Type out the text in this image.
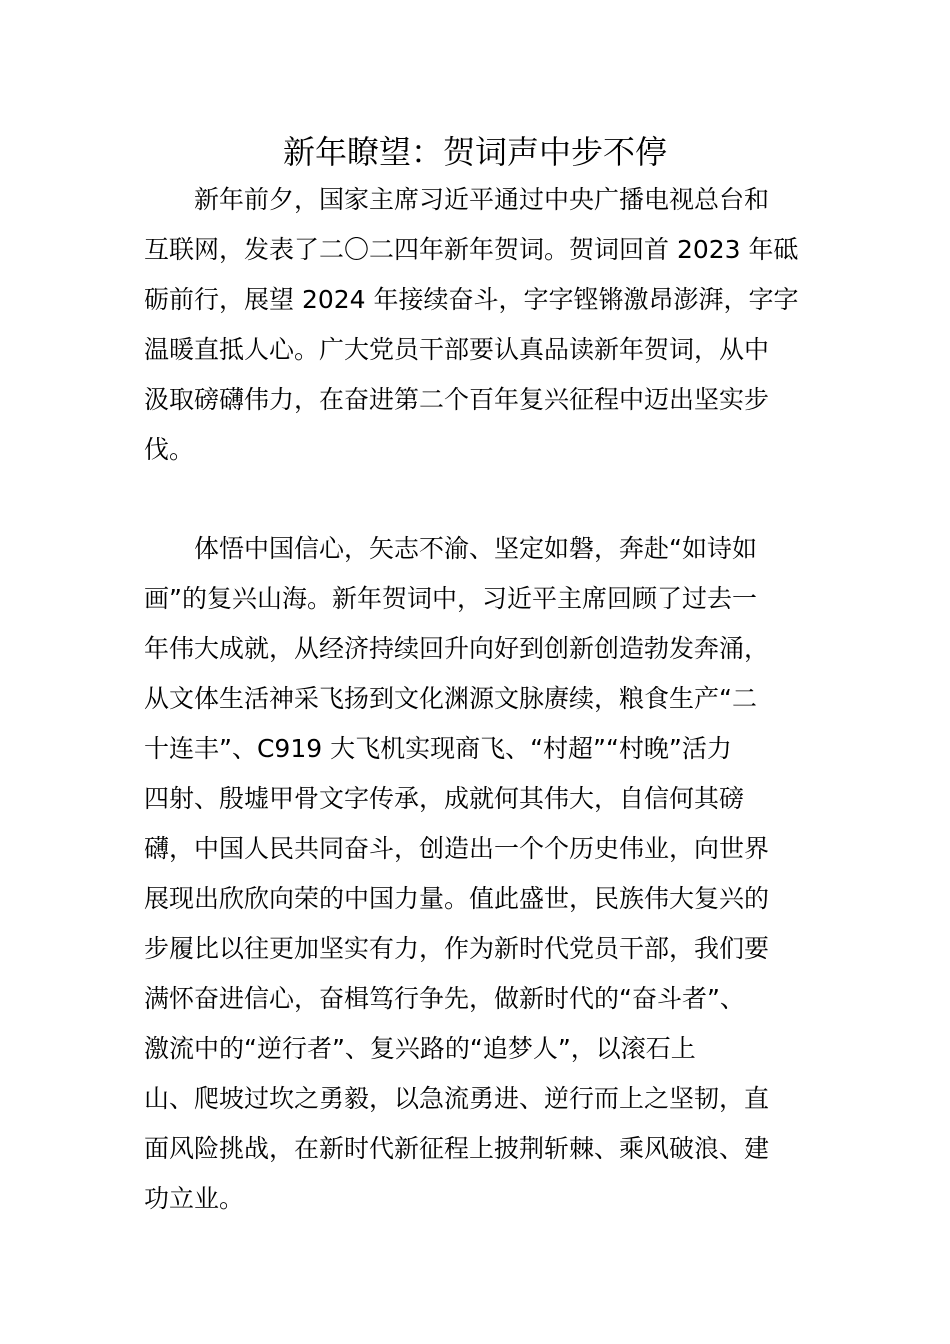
新年瞭望：贺词声中步不停
新年前夕，国家主席习近平通过中央广播电视总台和
互联网，发表了二〇二四年新年贺词。贺词回首 2023 年砥
砺前行，展望 2024 年接续奋斗，字字铿锵激昂澎湃，字字
温暖直抵人心。广大党员干部要认真品读新年贺词，从中
汲取磅礴伟力，在奋进第二个百年复兴征程中迈出坚实步
伐。
体悟中国信心，矢志不渝、坚定如磐，奔赴“如诗如
画”的复兴山海。新年贺词中，习近平主席回顾了过去一
年伟大成就，从经济持续回升向好到创新创造勃发奔涌，
从文体生活神采飞扬到文化渊源文脉赓续，粮食生产“二
十连丰”、C919 大飞机实现商飞、“村超”“村晚”活力
四射、殷墟甲骨文字传承，成就何其伟大，自信何其磅
礴，中国人民共同奋斗，创造出一个个历史伟业，向世界
展现出欣欣向荣的中国力量。值此盛世，民族伟大复兴的
步履比以往更加坚实有力，作为新时代党员干部，我们要
满怀奋进信心，奋楫笃行争先，做新时代的“奋斗者”、
激流中的“逆行者”、复兴路的“追梦人”，以滚石上
山、爬坡过坎之勇毅，以急流勇进、逆行而上之坚韧，直
面风险挑战，在新时代新征程上披荆斩棘、乘风破浪、建
功立业。
